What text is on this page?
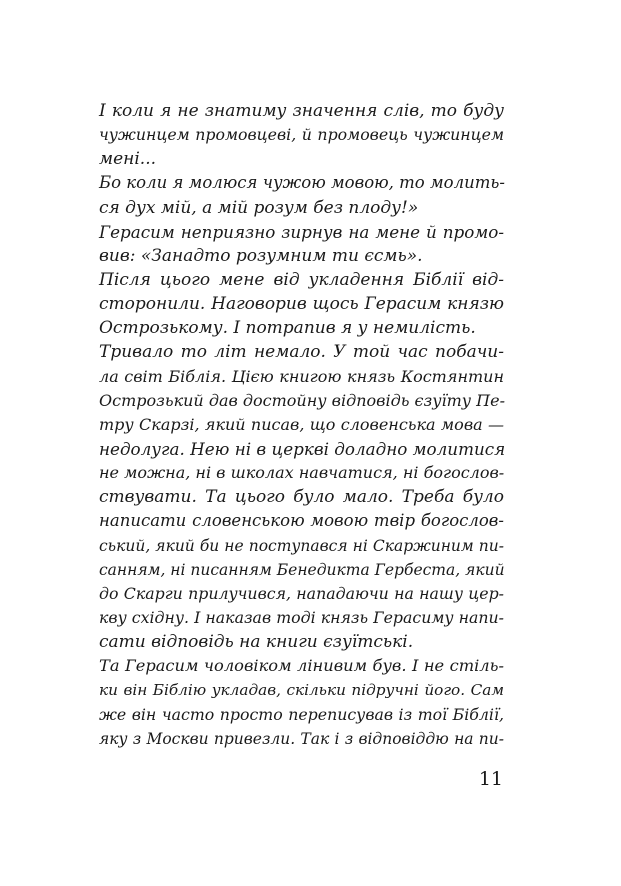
І коли я не знатиму значення слів, то буду
чужинцем промовцеві, й промовець чужинцем
мені...
Бо коли я молюся чужою мовою, то молить-
ся дух мій, а мій розум без плоду!»
Герасим неприязно зирнув на мене й промо-
вив: «Занадто розумним ти єсмь».
Після цього мене від укладення Біблії від-
сторонили. Наговорив щось Герасим князю
Острозькому. І потрапив я у немилість.
Тривало то літ немало. У той час побачи-
ла світ Біблія. Цією книгою князь Костянтин
Острозький дав достойну відповідь єзуїту Пе-
тру Скарзі, який писав, що словенська мова —
недолуга. Нею ні в церкві доладно молитися
не можна, ні в школах навчатися, ні богослов-
ствувати. Та цього було мало. Треба було
написати словенською мовою твір богослов-
ський, який би не поступався ні Скаржиним пи-
санням, ні писанням Бенедикта Гербеста, який
до Скарги прилучився, нападаючи на нашу цер-
кву східну. І наказав тоді князь Герасиму напи-
сати відповідь на книги єзуїтські.
Та Герасим чоловіком лінивим був. І не стіль-
ки він Біблію укладав, скільки підручні його. Сам
же він часто просто переписував із тої Біблії,
яку з Москви привезли. Так і з відповіддю на пи-
11
